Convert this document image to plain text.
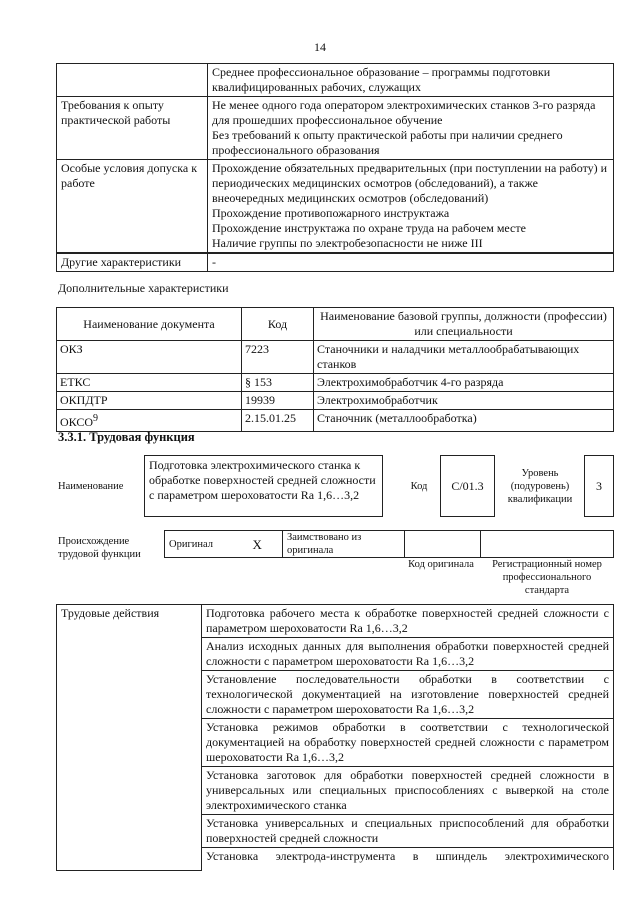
14
	Среднее профессиональное образование – программы подготовки квалифицированных рабочих, служащих
Требования к опыту практической работы	Не менее одного года оператором электрохимических станков 3-го разряда для прошедших профессиональное обучение

Без требований к опыту практической работы при наличии среднего профессионального образования

Особые условия допуска к работе	Прохождение обязательных предварительных (при поступлении на работу) и периодических медицинских осмотров (обследований), а также внеочередных медицинских осмотров (обследований)

Прохождение противопожарного инструктажа

Прохождение инструктажа по охране труда на рабочем месте

Наличие группы по электробезопасности не ниже III

Другие характеристики	-
Дополнительные характеристики
Наименование документа	Код	Наименование базовой группы, должности (профессии) или специальности
ОКЗ	7223	Станочники и наладчики металлообрабатывающих станков
ЕТКС	§ 153	Электрохимобработчик 4-го разряда
ОКПДТР	19939	Электрохимобработчик
ОКСО$^9$	2.15.01.25	Станочник (металлообработка)
3.3.1. Трудовая функция
Наименование
Подготовка электрохимического станка к обработке поверхностей средней сложности с параметром шероховатости Ra 1,6…3,2
Код	C/01.3
Уровень (подуровень) квалификации
3
Происхождение трудовой функции
Оригинал	X	Заимствовано из оригинала		
Код оригинала	Регистрационный номер профессионального стандарта
Трудовые действия	Подготовка рабочего места к обработке поверхностей средней сложности с параметром шероховатости Ra 1,6…3,2
Анализ исходных данных для выполнения обработки поверхностей средней сложности с параметром шероховатости Ra 1,6…3,2
Установление последовательности обработки в соответствии с технологической документацией на изготовление поверхностей средней сложности с параметром шероховатости Ra 1,6…3,2
Установка режимов обработки в соответствии с технологической документацией на обработку поверхностей средней сложности с параметром шероховатости Ra 1,6…3,2
Установка заготовок для обработки поверхностей средней сложности в универсальных или специальных приспособлениях с выверкой на столе электрохимического станка
Установка универсальных и специальных приспособлений для обработки поверхностей средней сложности

Установка электрода-инструмента в шпиндель электрохимического
